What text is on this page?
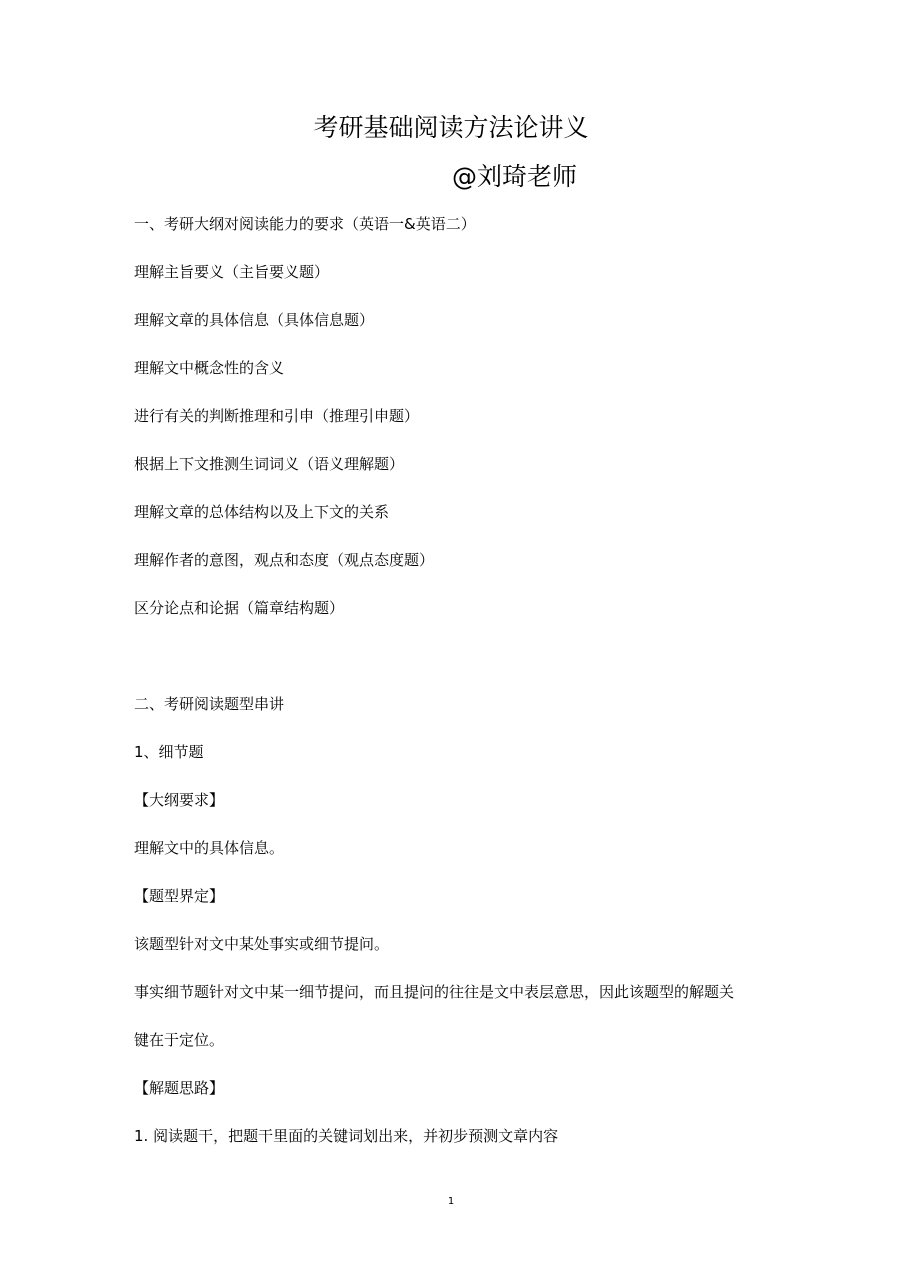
考研基础阅读方法论讲义

@刘琦老师

一、考研大纲对阅读能力的要求（英语一&英语二）

理解主旨要义（主旨要义题）

理解文章的具体信息（具体信息题）

理解文中概念性的含义

进行有关的判断推理和引申（推理引申题）

根据上下文推测生词词义（语义理解题）

理解文章的总体结构以及上下文的关系

理解作者的意图，观点和态度（观点态度题）

区分论点和论据（篇章结构题）

二、考研阅读题型串讲

1、细节题

【大纲要求】

理解文中的具体信息。

【题型界定】

该题型针对文中某处事实或细节提问。

事实细节题针对文中某一细节提问，而且提问的往往是文中表层意思，因此该题型的解题关

键在于定位。

【解题思路】

1. 阅读题干，把题干里面的关键词划出来，并初步预测文章内容

1
